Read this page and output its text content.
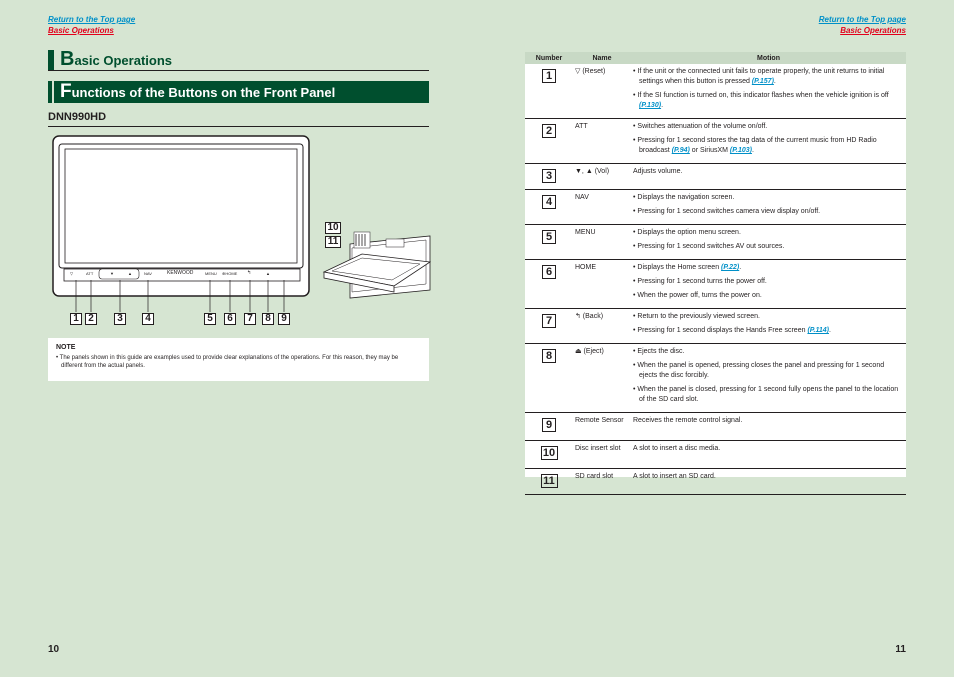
Return to the Top page
Basic Operations
Return to the Top page
Basic Operations
Basic Operations
Functions of the Buttons on the Front Panel
DNN990HD
▽	ATT	▼	▲	NAV	KENWOOD	MENU ⊕HOME ↰	▲
1 2	3	4	5	6	7	8	9
10
11
NOTE
• The panels shown in this guide are examples used to provide clear explanations of the operations. For this reason, they may be different from the actual panels.
Number	Name	Motion
1	▽ (Reset)	• If the unit or the connected unit fails to operate properly, the unit returns to initial settings when this button is pressed (P.157).
• If the SI function is turned on, this indicator flashes when the vehicle ignition is off (P.130).

2	ATT	• Switches attenuation of the volume on/off.
• Pressing for 1 second stores the tag data of the current music from HD Radio broadcast (P.94) or SiriusXM (P.103).

3	▼, ▲ (Vol)	Adjusts volume.
4	NAV	• Displays the navigation screen.
• Pressing for 1 second switches camera view display on/off.

5	MENU	• Displays the option menu screen.
• Pressing for 1 second switches AV out sources.

6	HOME	• Displays the Home screen (P.22).
• Pressing for 1 second turns the power off.
• When the power off, turns the power on.

7	↰ (Back)	• Return to the previously viewed screen.
• Pressing for 1 second displays the Hands Free screen (P.114).

8	⏏ (Eject)	• Ejects the disc.
• When the panel is opened, pressing closes the panel and pressing for 1 second ejects the disc forcibly.
• When the panel is closed, pressing for 1 second fully opens the panel to the location of the SD card slot.

9	Remote Sensor	Receives the remote control signal.
10	Disc insert slot	A slot to insert a disc media.
11	SD card slot	A slot to insert an SD card.
10	11
